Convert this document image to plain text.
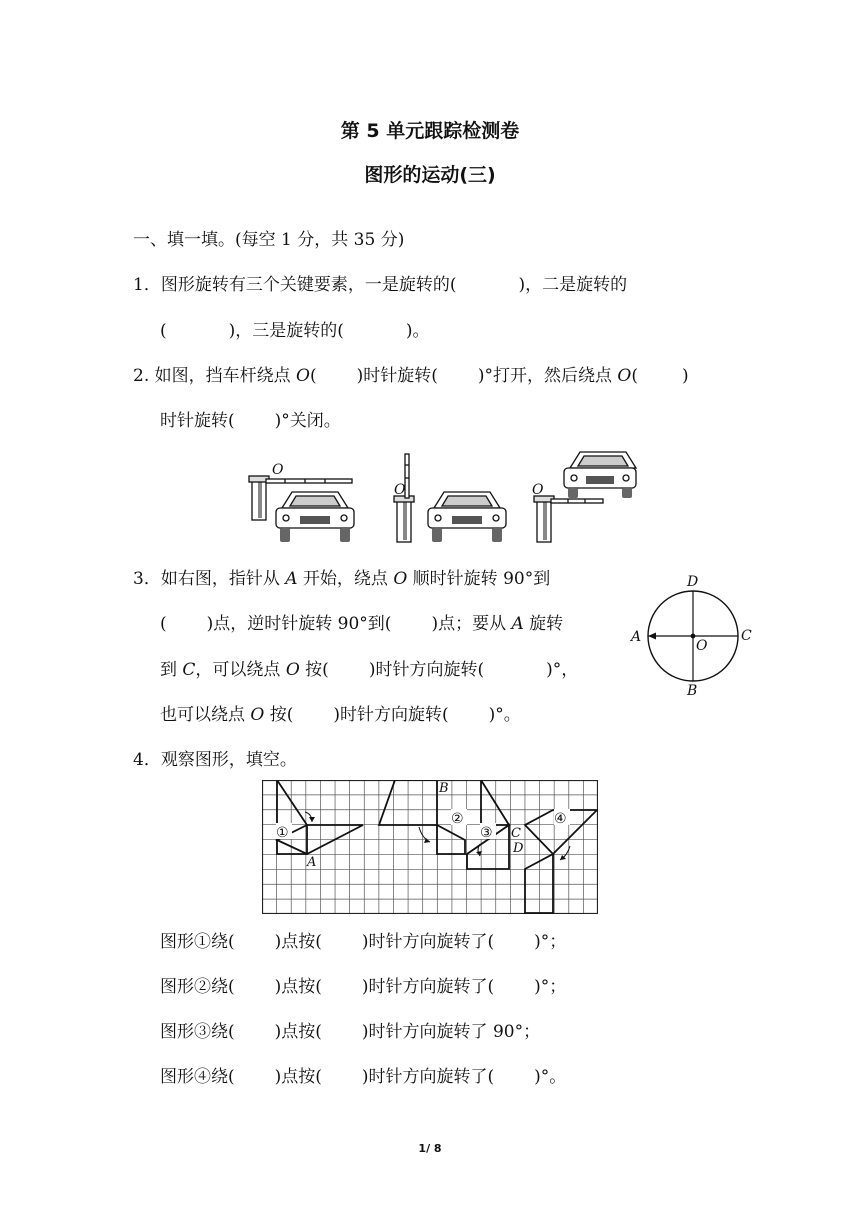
第 5 单元跟踪检测卷
图形的运动(三)
一、填一填。(每空 1 分，共 35 分)
1．图形旋转有三个关键要素，一是旋转的(	)，二是旋转的
(	)，三是旋转的(	)。
2. 如图，挡车杆绕点 O( )时针旋转( )°打开，然后绕点 O(	)
时针旋转( )°关闭。
O
O	O
3．如右图，指针从 A 开始，绕点 O 顺时针旋转 90°到
( )点，逆时针旋转 90°到( )点；要从 A 旋转
到 C，可以绕点 O 按( )时针方向旋转(	)°，
也可以绕点 O 按( )时针方向旋转( )°。
D
A
O
C
B
4．观察图形，填空。
①
②
③
④
A
B
C
D
图形①绕( )点按( )时针方向旋转了( )°；
图形②绕( )点按( )时针方向旋转了( )°；
图形③绕( )点按( )时针方向旋转了 90°；
图形④绕( )点按( )时针方向旋转了( )°。
1/ 8
